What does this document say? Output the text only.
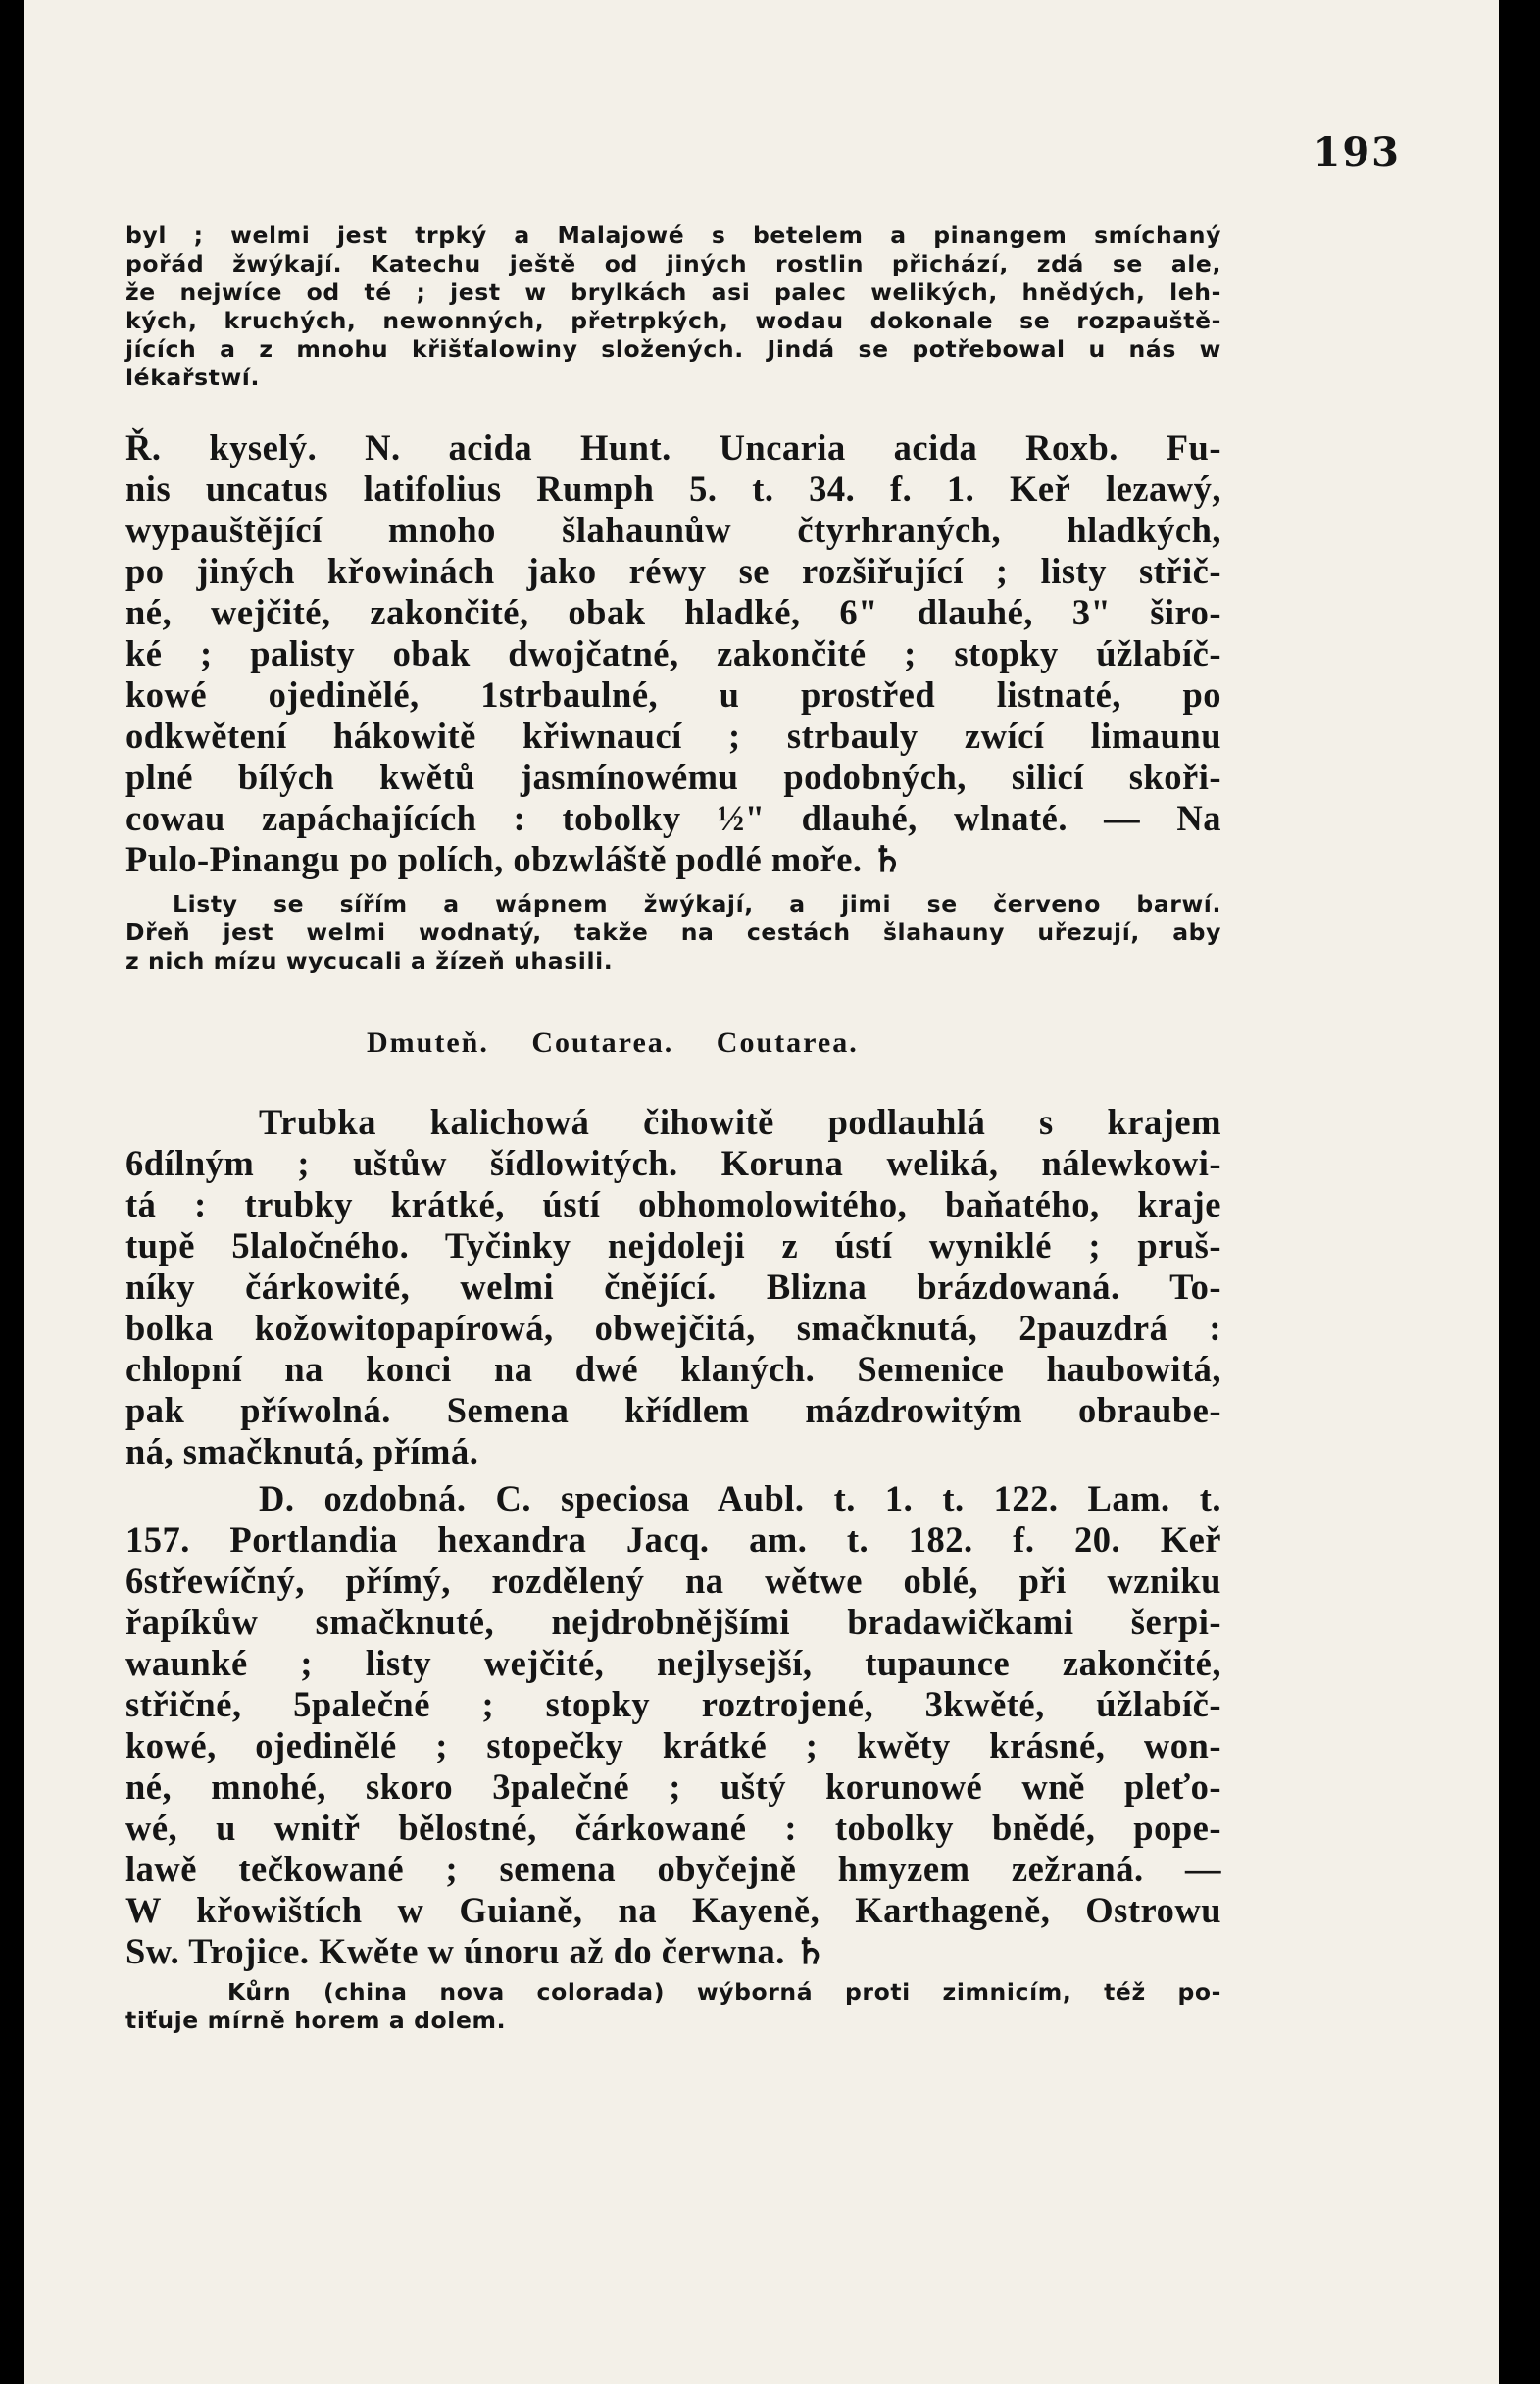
193
byl ; welmi jest trpký a Malajowé s betelem a pinangem smíchaný
pořád žwýkají. Katechu ještě od jiných rostlin přichází, zdá se ale,
že nejwíce od té ; jest w brylkách asi palec welikých, hnědých, leh-
kých, kruchých, newonných, přetrpkých, wodau dokonale se rozpauště-
jících a z mnohu křišťalowiny složených. Jindá se potřebowal u nás w
lékařstwí.
Ř. kyselý. N. acida Hunt. Uncaria acida Roxb. Fu-
nis uncatus latifolius Rumph 5. t. 34. f. 1. Keř lezawý,
wypauštějící mnoho šlahaunůw čtyrhraných, hladkých,
po jiných křowinách jako réwy se rozšiřující ; listy střič-
né, wejčité, zakončité, obak hladké, 6" dlauhé, 3" širo-
ké ; palisty obak dwojčatné, zakončité ; stopky úžlabíč-
kowé ojedinělé, 1strbaulné, u prostřed listnaté, po
odkwětení hákowitě křiwnaucí ; strbauly zwící limaunu
plné bílých kwětů jasmínowému podobných, silicí skoři-
cowau zapáchajících : tobolky ½" dlauhé, wlnaté. — Na
Pulo-Pinangu po polích, obzwláště podlé moře. ♄
Listy se sířím a wápnem žwýkají, a jimi se červeno barwí.
Dřeň jest welmi wodnatý, takže na cestách šlahauny uřezují, aby
z nich mízu wycucali a žízeň uhasili.
Dmuteň. Coutarea. Coutarea.
Trubka kalichowá čihowitě podlauhlá s krajem
6dílným ; uštůw šídlowitých. Koruna weliká, nálewkowi-
tá : trubky krátké, ústí obhomolowitého, baňatého, kraje
tupě 5laločného. Tyčinky nejdoleji z ústí wyniklé ; pruš-
níky čárkowité, welmi čnějící. Blizna brázdowaná. To-
bolka kožowitopapírowá, obwejčitá, smačknutá, 2pauzdrá :
chlopní na konci na dwé klaných. Semenice haubowitá,
pak příwolná. Semena křídlem mázdrowitým obraube-
ná, smačknutá, přímá.
D. ozdobná. C. speciosa Aubl. t. 1. t. 122. Lam. t.
157. Portlandia hexandra Jacq. am. t. 182. f. 20. Keř
6střewíčný, přímý, rozdělený na wětwe oblé, při wzniku
řapíkůw smačknuté, nejdrobnějšími bradawičkami šerpi-
waunké ; listy wejčité, nejlysejší, tupaunce zakončité,
střičné, 5palečné ; stopky roztrojené, 3kwěté, úžlabíč-
kowé, ojedinělé ; stopečky krátké ; kwěty krásné, won-
né, mnohé, skoro 3palečné ; uštý korunowé wně pleťo-
wé, u wnitř bělostné, čárkowané : tobolky bnědé, pope-
lawě tečkowané ; semena obyčejně hmyzem zežraná. —
W křowištích w Guianě, na Kayeně, Karthageně, Ostrowu
Sw. Trojice. Kwěte w únoru až do čerwna. ♄
Kůrn (china nova colorada) wýborná proti zimnicím, též po-
tiťuje mírně horem a dolem.
